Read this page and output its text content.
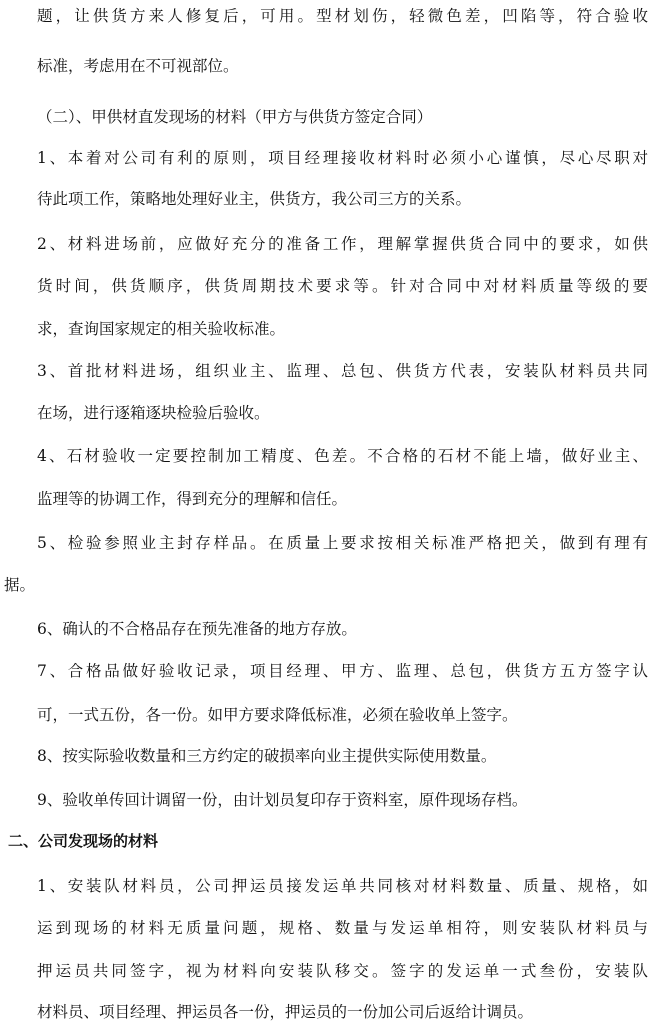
题，让供货方来人修复后，可用。型材划伤，轻微色差，凹陷等，符合验收
标准，考虑用在不可视部位。
（二）、甲供材直发现场的材料（甲方与供货方签定合同）
1、本着对公司有利的原则，项目经理接收材料时必须小心谨慎，尽心尽职对
待此项工作，策略地处理好业主，供货方，我公司三方的关系。
2、材料进场前，应做好充分的准备工作，理解掌握供货合同中的要求，如供
货时间，供货顺序，供货周期技术要求等。针对合同中对材料质量等级的要
求，查询国家规定的相关验收标准。
3、首批材料进场，组织业主、监理、总包、供货方代表，安装队材料员共同
在场，进行逐箱逐块检验后验收。
4、石材验收一定要控制加工精度、色差。不合格的石材不能上墙，做好业主、
监理等的协调工作，得到充分的理解和信任。
5、检验参照业主封存样品。在质量上要求按相关标准严格把关，做到有理有
据。
6、确认的不合格品存在预先准备的地方存放。
7、合格品做好验收记录，项目经理、甲方、监理、总包，供货方五方签字认
可，一式五份，各一份。如甲方要求降低标准，必须在验收单上签字。
8、按实际验收数量和三方约定的破损率向业主提供实际使用数量。
9、验收单传回计调留一份，由计划员复印存于资料室，原件现场存档。
二、公司发现场的材料
1、安装队材料员，公司押运员接发运单共同核对材料数量、质量、规格，如
运到现场的材料无质量问题，规格、数量与发运单相符，则安装队材料员与
押运员共同签字，视为材料向安装队移交。签字的发运单一式叁份，安装队
材料员、项目经理、押运员各一份，押运员的一份加公司后返给计调员。
